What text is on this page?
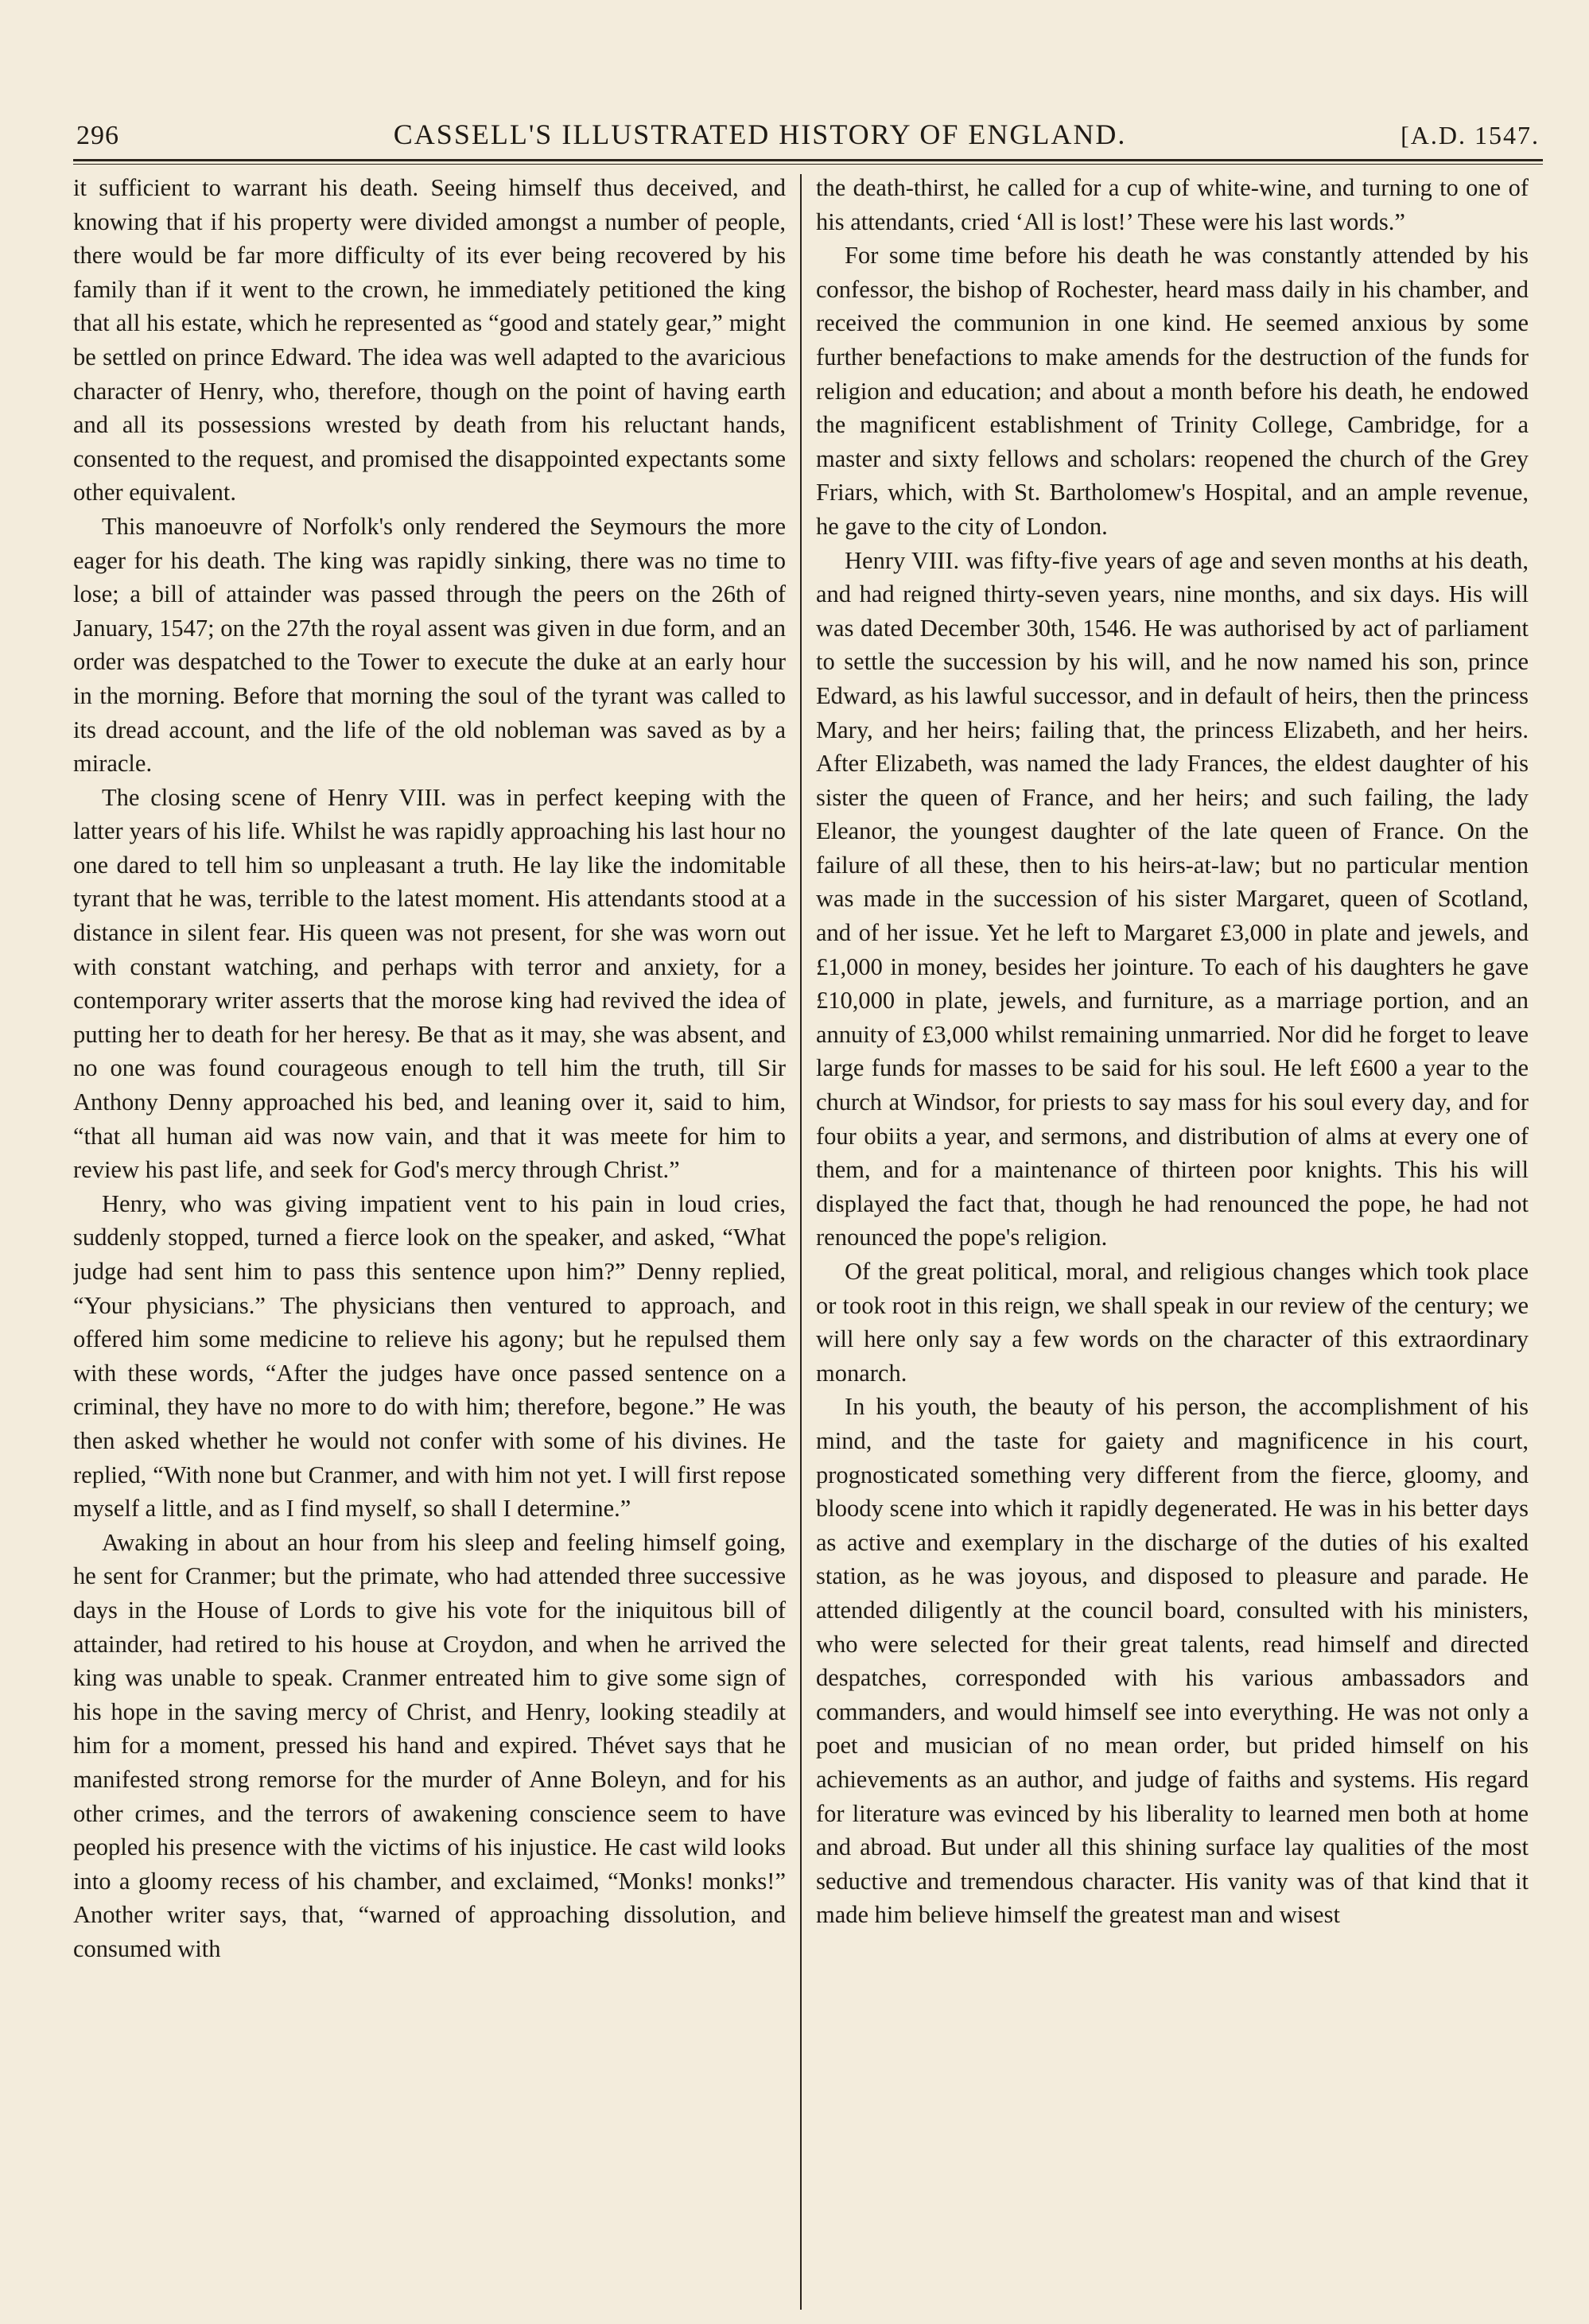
296	CASSELL'S ILLUSTRATED HISTORY OF ENGLAND.	[A.D. 1547.

it sufficient to warrant his death. Seeing himself thus deceived, and knowing that if his property were divided amongst a number of people, there would be far more difficulty of its ever being recovered by his family than if it went to the crown, he immediately petitioned the king that all his estate, which he represented as “good and stately gear,” might be settled on prince Edward. The idea was well adapted to the avaricious character of Henry, who, therefore, though on the point of having earth and all its possessions wrested by death from his reluctant hands, consented to the request, and promised the disappointed expectants some other equivalent.

This manoeuvre of Norfolk's only rendered the Seymours the more eager for his death. The king was rapidly sinking, there was no time to lose; a bill of attainder was passed through the peers on the 26th of January, 1547; on the 27th the royal assent was given in due form, and an order was despatched to the Tower to execute the duke at an early hour in the morning. Before that morning the soul of the tyrant was called to its dread account, and the life of the old nobleman was saved as by a miracle.

The closing scene of Henry VIII. was in perfect keeping with the latter years of his life. Whilst he was rapidly approaching his last hour no one dared to tell him so unpleasant a truth. He lay like the indomitable tyrant that he was, terrible to the latest moment. His attendants stood at a distance in silent fear. His queen was not present, for she was worn out with constant watching, and perhaps with terror and anxiety, for a contemporary writer asserts that the morose king had revived the idea of putting her to death for her heresy. Be that as it may, she was absent, and no one was found courageous enough to tell him the truth, till Sir Anthony Denny approached his bed, and leaning over it, said to him, “that all human aid was now vain, and that it was meete for him to review his past life, and seek for God's mercy through Christ.”

Henry, who was giving impatient vent to his pain in loud cries, suddenly stopped, turned a fierce look on the speaker, and asked, “What judge had sent him to pass this sentence upon him?” Denny replied, “Your physicians.” The physicians then ventured to approach, and offered him some medicine to relieve his agony; but he repulsed them with these words, “After the judges have once passed sentence on a criminal, they have no more to do with him; therefore, begone.” He was then asked whether he would not confer with some of his divines. He replied, “With none but Cranmer, and with him not yet. I will first repose myself a little, and as I find myself, so shall I determine.”

Awaking in about an hour from his sleep and feeling himself going, he sent for Cranmer; but the primate, who had attended three successive days in the House of Lords to give his vote for the iniquitous bill of attainder, had retired to his house at Croydon, and when he arrived the king was unable to speak. Cranmer entreated him to give some sign of his hope in the saving mercy of Christ, and Henry, looking steadily at him for a moment, pressed his hand and expired. Thévet says that he manifested strong remorse for the murder of Anne Boleyn, and for his other crimes, and the terrors of awakening conscience seem to have peopled his presence with the victims of his injustice. He cast wild looks into a gloomy recess of his chamber, and exclaimed, “Monks! monks!” Another writer says, that, “warned of approaching dissolution, and consumed with

the death-thirst, he called for a cup of white-wine, and turning to one of his attendants, cried ‘All is lost!’ These were his last words.”

For some time before his death he was constantly attended by his confessor, the bishop of Rochester, heard mass daily in his chamber, and received the communion in one kind. He seemed anxious by some further benefactions to make amends for the destruction of the funds for religion and education; and about a month before his death, he endowed the magnificent establishment of Trinity College, Cambridge, for a master and sixty fellows and scholars: reopened the church of the Grey Friars, which, with St. Bartholomew's Hospital, and an ample revenue, he gave to the city of London.

Henry VIII. was fifty-five years of age and seven months at his death, and had reigned thirty-seven years, nine months, and six days. His will was dated December 30th, 1546. He was authorised by act of parliament to settle the succession by his will, and he now named his son, prince Edward, as his lawful successor, and in default of heirs, then the princess Mary, and her heirs; failing that, the princess Elizabeth, and her heirs. After Elizabeth, was named the lady Frances, the eldest daughter of his sister the queen of France, and her heirs; and such failing, the lady Eleanor, the youngest daughter of the late queen of France. On the failure of all these, then to his heirs-at-law; but no particular mention was made in the succession of his sister Margaret, queen of Scotland, and of her issue. Yet he left to Margaret £3,000 in plate and jewels, and £1,000 in money, besides her jointure. To each of his daughters he gave £10,000 in plate, jewels, and furniture, as a marriage portion, and an annuity of £3,000 whilst remaining unmarried. Nor did he forget to leave large funds for masses to be said for his soul. He left £600 a year to the church at Windsor, for priests to say mass for his soul every day, and for four obiits a year, and sermons, and distribution of alms at every one of them, and for a maintenance of thirteen poor knights. This his will displayed the fact that, though he had renounced the pope, he had not renounced the pope's religion.

Of the great political, moral, and religious changes which took place or took root in this reign, we shall speak in our review of the century; we will here only say a few words on the character of this extraordinary monarch.

In his youth, the beauty of his person, the accomplishment of his mind, and the taste for gaiety and magnificence in his court, prognosticated something very different from the fierce, gloomy, and bloody scene into which it rapidly degenerated. He was in his better days as active and exemplary in the discharge of the duties of his exalted station, as he was joyous, and disposed to pleasure and parade. He attended diligently at the council board, consulted with his ministers, who were selected for their great talents, read himself and directed despatches, corresponded with his various ambassadors and commanders, and would himself see into everything. He was not only a poet and musician of no mean order, but prided himself on his achievements as an author, and judge of faiths and systems. His regard for literature was evinced by his liberality to learned men both at home and abroad. But under all this shining surface lay qualities of the most seductive and tremendous character. His vanity was of that kind that it made him believe himself the greatest man and wisest
